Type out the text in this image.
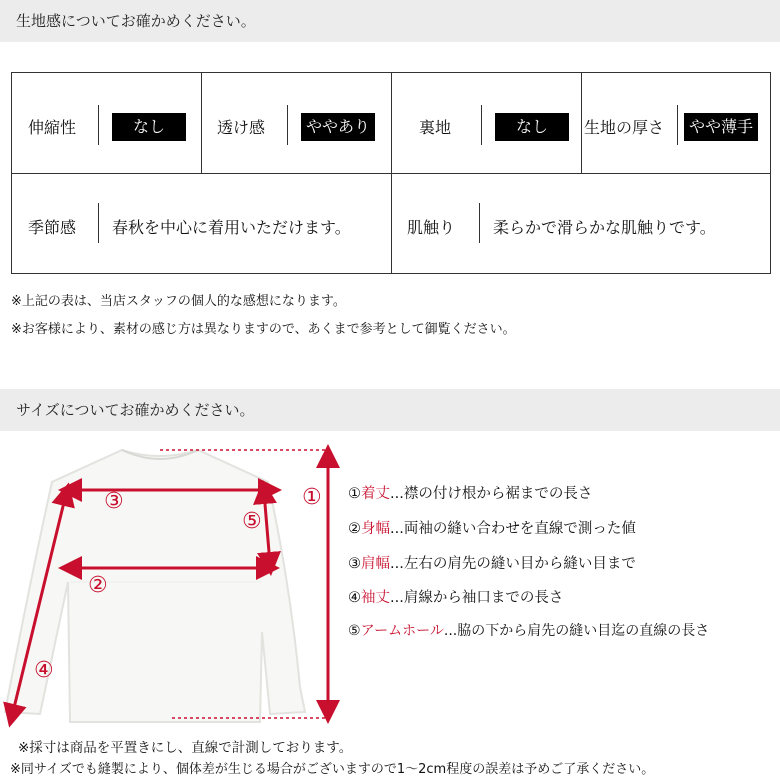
生地感についてお確かめください。
伸縮性	なし	透け感	ややあり	裏地	なし	生地の厚さ	やや薄手
季節感 春秋を中心に着用いただけます。	肌触り 柔らかで滑らかな肌触りです。
※上記の表は、当店スタッフの個人的な感想になります。
※お客様により、素材の感じ方は異なりますので、あくまで参考として御覧ください。
サイズについてお確かめください。
①
②
③
④
⑤
①着丈...襟の付け根から裾までの長さ
②身幅...両袖の縫い合わせを直線で測った値
③肩幅...左右の肩先の縫い目から縫い目まで
④袖丈...肩線から袖口までの長さ
⑤アームホール...脇の下から肩先の縫い目迄の直線の長さ
※採寸は商品を平置きにし、直線で計測しております。
※同サイズでも縫製により、個体差が生じる場合がございますので1～2cm程度の誤差は予めご了承ください。
